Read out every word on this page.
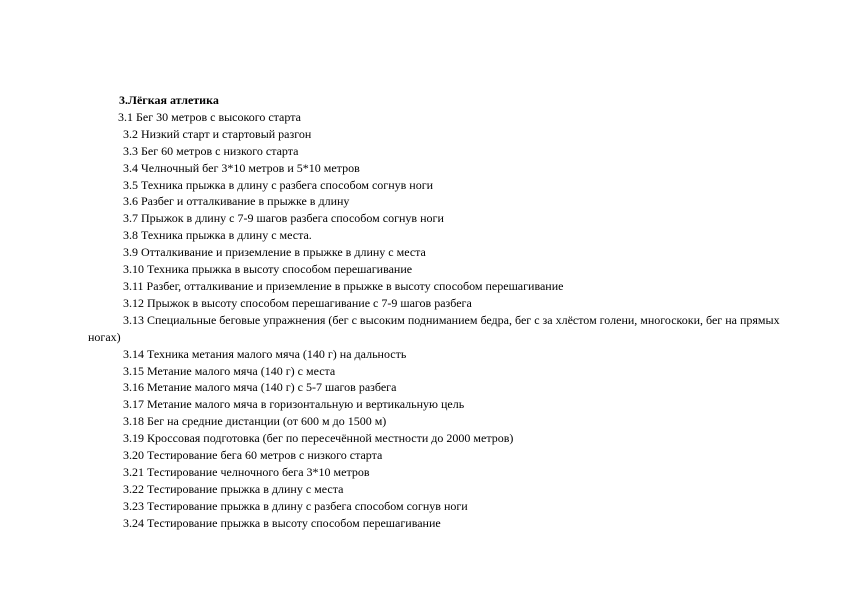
3.Лёгкая атлетика
3.1 Бег 30 метров с высокого старта
3.2 Низкий старт и стартовый разгон
3.3 Бег 60 метров с низкого старта
3.4 Челночный бег 3*10 метров и 5*10 метров
3.5 Техника прыжка в длину с разбега способом согнув ноги
3.6 Разбег и отталкивание в прыжке в длину
3.7 Прыжок в длину с 7-9 шагов разбега способом согнув ноги
3.8 Техника прыжка в длину с места.
3.9 Отталкивание и приземление в прыжке в длину с места
3.10 Техника прыжка в высоту способом перешагивание
3.11 Разбег, отталкивание и приземление в прыжке в высоту способом перешагивание
3.12 Прыжок в высоту способом перешагивание с 7-9 шагов разбега
3.13 Специальные беговые упражнения (бег с высоким подниманием бедра, бег с за хлёстом голени, многоскоки, бег на прямых ногах)
3.14 Техника метания малого мяча (140 г) на дальность
3.15 Метание малого мяча (140 г) с места
3.16 Метание малого мяча (140 г) с 5-7 шагов разбега
3.17 Метание малого мяча в горизонтальную и вертикальную цель
3.18 Бег на средние дистанции (от 600 м до 1500 м)
3.19 Кроссовая подготовка (бег по пересечённой местности до 2000 метров)
3.20 Тестирование бега 60 метров с низкого старта
3.21 Тестирование челночного бега 3*10 метров
3.22 Тестирование прыжка в длину с места
3.23 Тестирование прыжка в длину с разбега способом согнув ноги
3.24 Тестирование прыжка в высоту способом перешагивание
